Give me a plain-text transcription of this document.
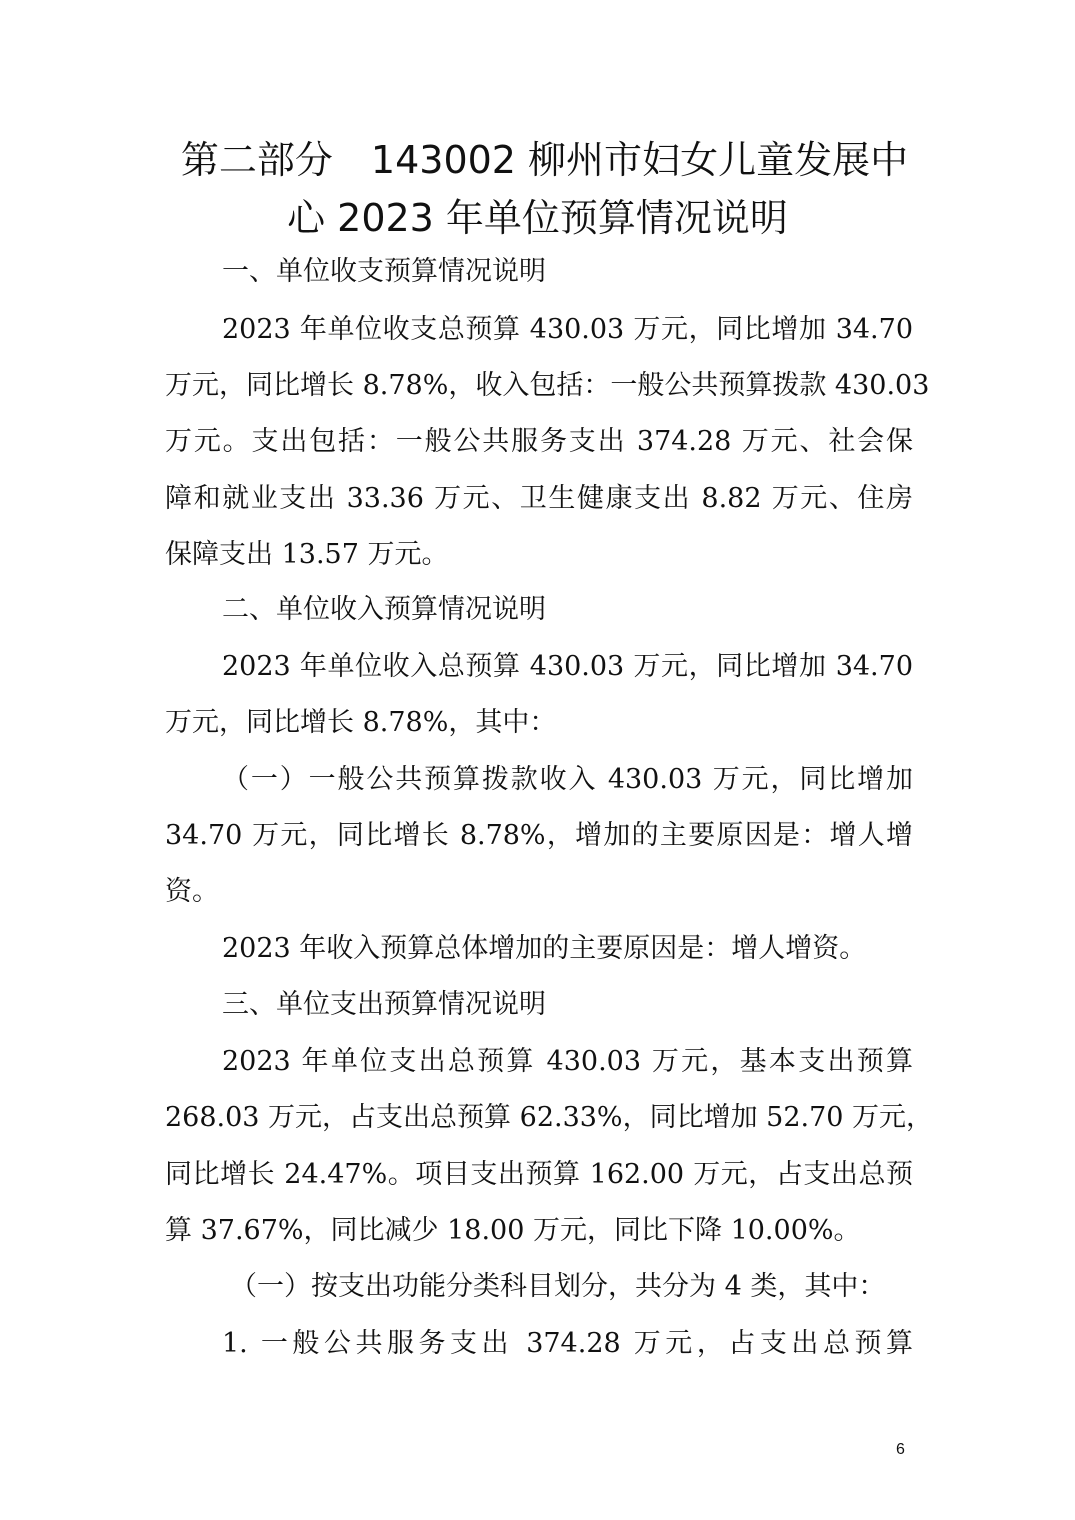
第二部分　143002 柳州市妇女儿童发展中
心 2023 年单位预算情况说明
一、单位收支预算情况说明
2023 年单位收支总预算 430.03 万元，同比增加 34.70
万元，同比增长 8.78%，收入包括：一般公共预算拨款 430.03
万元。支出包括：一般公共服务支出 374.28 万元、社会保
障和就业支出 33.36 万元、卫生健康支出 8.82 万元、住房
保障支出 13.57 万元。
二、单位收入预算情况说明
2023 年单位收入总预算 430.03 万元，同比增加 34.70
万元，同比增长 8.78%，其中：
（一）一般公共预算拨款收入 430.03 万元，同比增加
34.70 万元，同比增长 8.78%，增加的主要原因是：增人增
资。
2023 年收入预算总体增加的主要原因是：增人增资。
三、单位支出预算情况说明
2023 年单位支出总预算 430.03 万元，基本支出预算
268.03 万元，占支出总预算 62.33%，同比增加 52.70 万元，
同比增长 24.47%。项目支出预算 162.00 万元，占支出总预
算 37.67%，同比减少 18.00 万元，同比下降 10.00%。
（一）按支出功能分类科目划分，共分为 4 类，其中：
1. 一般公共服务支出 374.28 万元，占支出总预算
6
